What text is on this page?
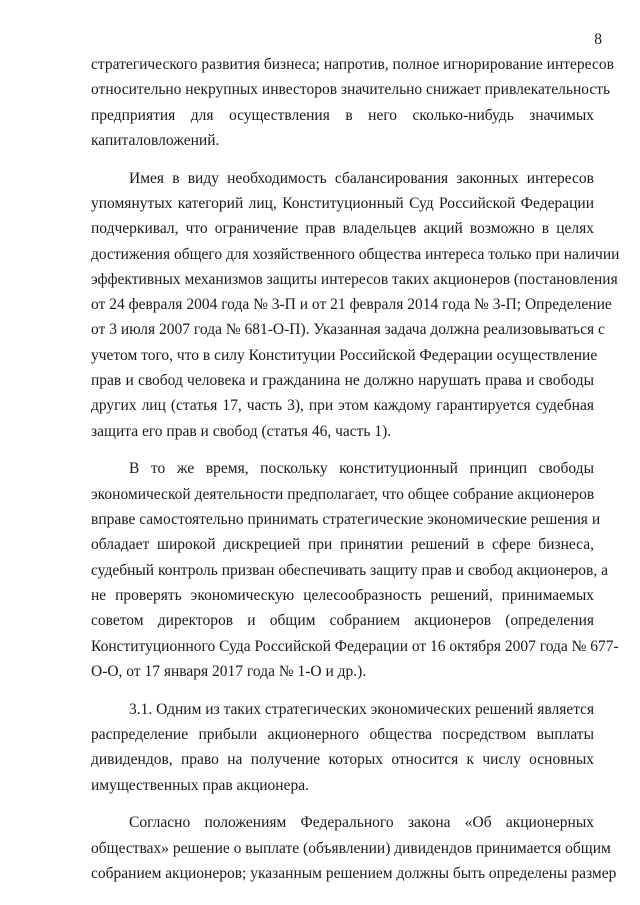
8
стратегического развития бизнеса; напротив, полное игнорирование интересов
относительно некрупных инвесторов значительно снижает привлекательность
предприятия для осуществления в него сколько-нибудь значимых
капиталовложений.
Имея в виду необходимость сбалансирования законных интересов
упомянутых категорий лиц, Конституционный Суд Российской Федерации
подчеркивал, что ограничение прав владельцев акций возможно в целях
достижения общего для хозяйственного общества интереса только при наличии
эффективных механизмов защиты интересов таких акционеров (постановления
от 24 февраля 2004 года № 3-П и от 21 февраля 2014 года № 3-П; Определение
от 3 июля 2007 года № 681-О-П). Указанная задача должна реализовываться с
учетом того, что в силу Конституции Российской Федерации осуществление
прав и свобод человека и гражданина не должно нарушать права и свободы
других лиц (статья 17, часть 3), при этом каждому гарантируется судебная
защита его прав и свобод (статья 46, часть 1).
В то же время, поскольку конституционный принцип свободы
экономической деятельности предполагает, что общее собрание акционеров
вправе самостоятельно принимать стратегические экономические решения и
обладает широкой дискрецией при принятии решений в сфере бизнеса,
судебный контроль призван обеспечивать защиту прав и свобод акционеров, а
не проверять экономическую целесообразность решений, принимаемых
советом директоров и общим собранием акционеров (определения
Конституционного Суда Российской Федерации от 16 октября 2007 года № 677-
О-О, от 17 января 2017 года № 1-О и др.).
3.1. Одним из таких стратегических экономических решений является
распределение прибыли акционерного общества посредством выплаты
дивидендов, право на получение которых относится к числу основных
имущественных прав акционера.
Согласно положениям Федерального закона «Об акционерных
обществах» решение о выплате (объявлении) дивидендов принимается общим
собранием акционеров; указанным решением должны быть определены размер
